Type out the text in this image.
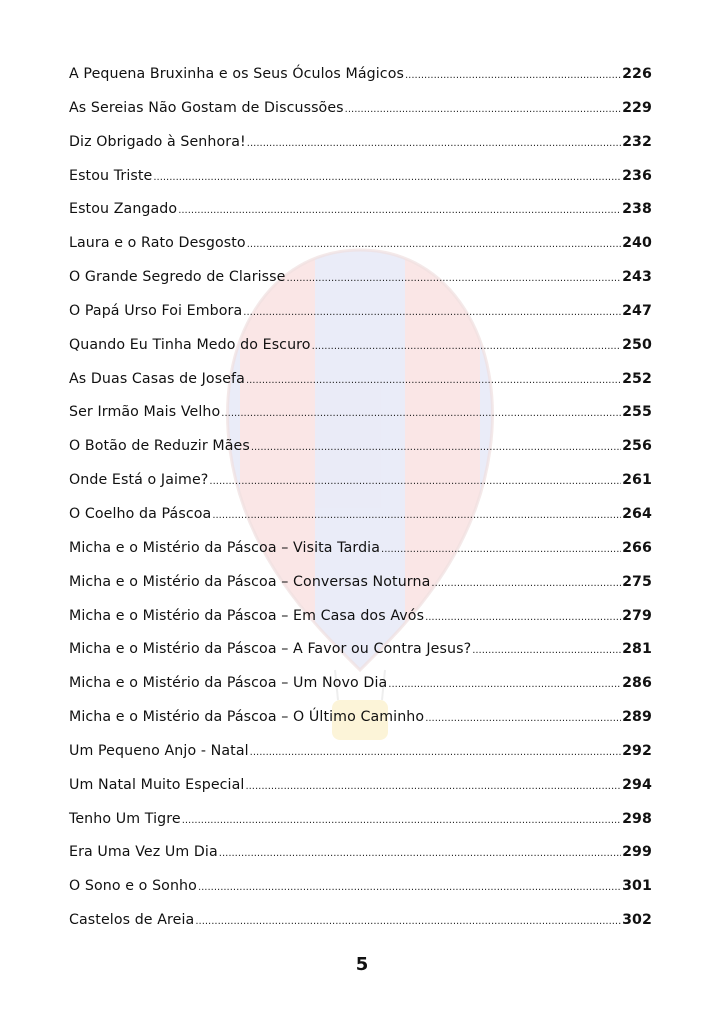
A Pequena Bruxinha e os Seus Óculos Mágicos .....	226
As Sereias Não Gostam de Discussões .....	229
Diz Obrigado à Senhora! .....	232
Estou Triste .....	236
Estou Zangado .....	238
Laura e o Rato Desgosto .....	240
O Grande Segredo de Clarisse .....	243
O Papá Urso Foi Embora .....	247
Quando Eu Tinha Medo do Escuro .....	250
As Duas Casas de Josefa .....	252
Ser Irmão Mais Velho .....	255
O Botão de Reduzir Mães .....	256
Onde Está o Jaime? .....	261
O Coelho da Páscoa .....	264
Micha e o Mistério da Páscoa – Visita Tardia .....	266
Micha e o Mistério da Páscoa – Conversas Noturna .....	275
Micha e o Mistério da Páscoa – Em Casa dos Avós .....	279
Micha e o Mistério da Páscoa – A Favor ou Contra Jesus? .....	281
Micha e o Mistério da Páscoa – Um Novo Dia .....	286
Micha e o Mistério da Páscoa – O Último Caminho .....	289
Um Pequeno Anjo - Natal .....	292
Um Natal Muito Especial .....	294
Tenho Um Tigre .....	298
Era Uma Vez Um Dia .....	299
O Sono e o Sonho .....	301
Castelos de Areia .....	302
5
